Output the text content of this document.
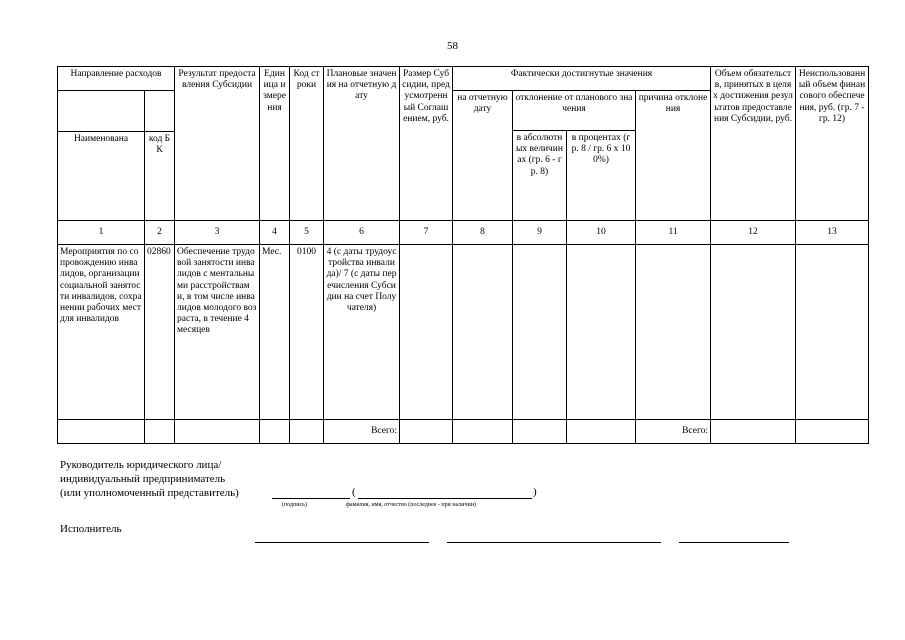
58
Направление расходов		Результат предоставления Субсидии	Единица измерения	Код строки	Плановые значения на отчетную дату	Размер Субсидии, предусмотренный Соглашением, руб.	Фактически достигнутые значения				Объем обязательств, принятых в целях достижения результатов предоставления Субсидии, руб.	Неиспользованный объем финансового обеспечения, руб. (гр. 7 - гр. 12)

Наименована	код БК						на отчетную дату	отклонение от планового значения		причина отклонения		
								в абсолютных величинах (гр. 6 - гр. 8)	в процентах (гр. 8 / гр. 6 x 100%)			
1	2	3	4	5	6	7	8	9	10	11	12	13
Мероприятия по сопровождению инвалидов, организации социальной занятости инвалидов, сохранении рабочих мест для инвалидов	02860	Обеспечение трудовой занятости инвалидов с ментальными расстройствами, в том числе инвалидов молодого возраста, в течение 4 месяцев	Мес.	0100	4 (с даты трудоустройства инвалида)/ 7 (с даты перечисления Субсидии на счет Получателя)							
					Всего:					Всего:		
Руководитель юридического лица/
индивидуальный предприниматель
(или уполномоченный представитель)	(	)
(подпись)	фамилия, имя, отчество (последнее - при наличии)
Исполнитель
